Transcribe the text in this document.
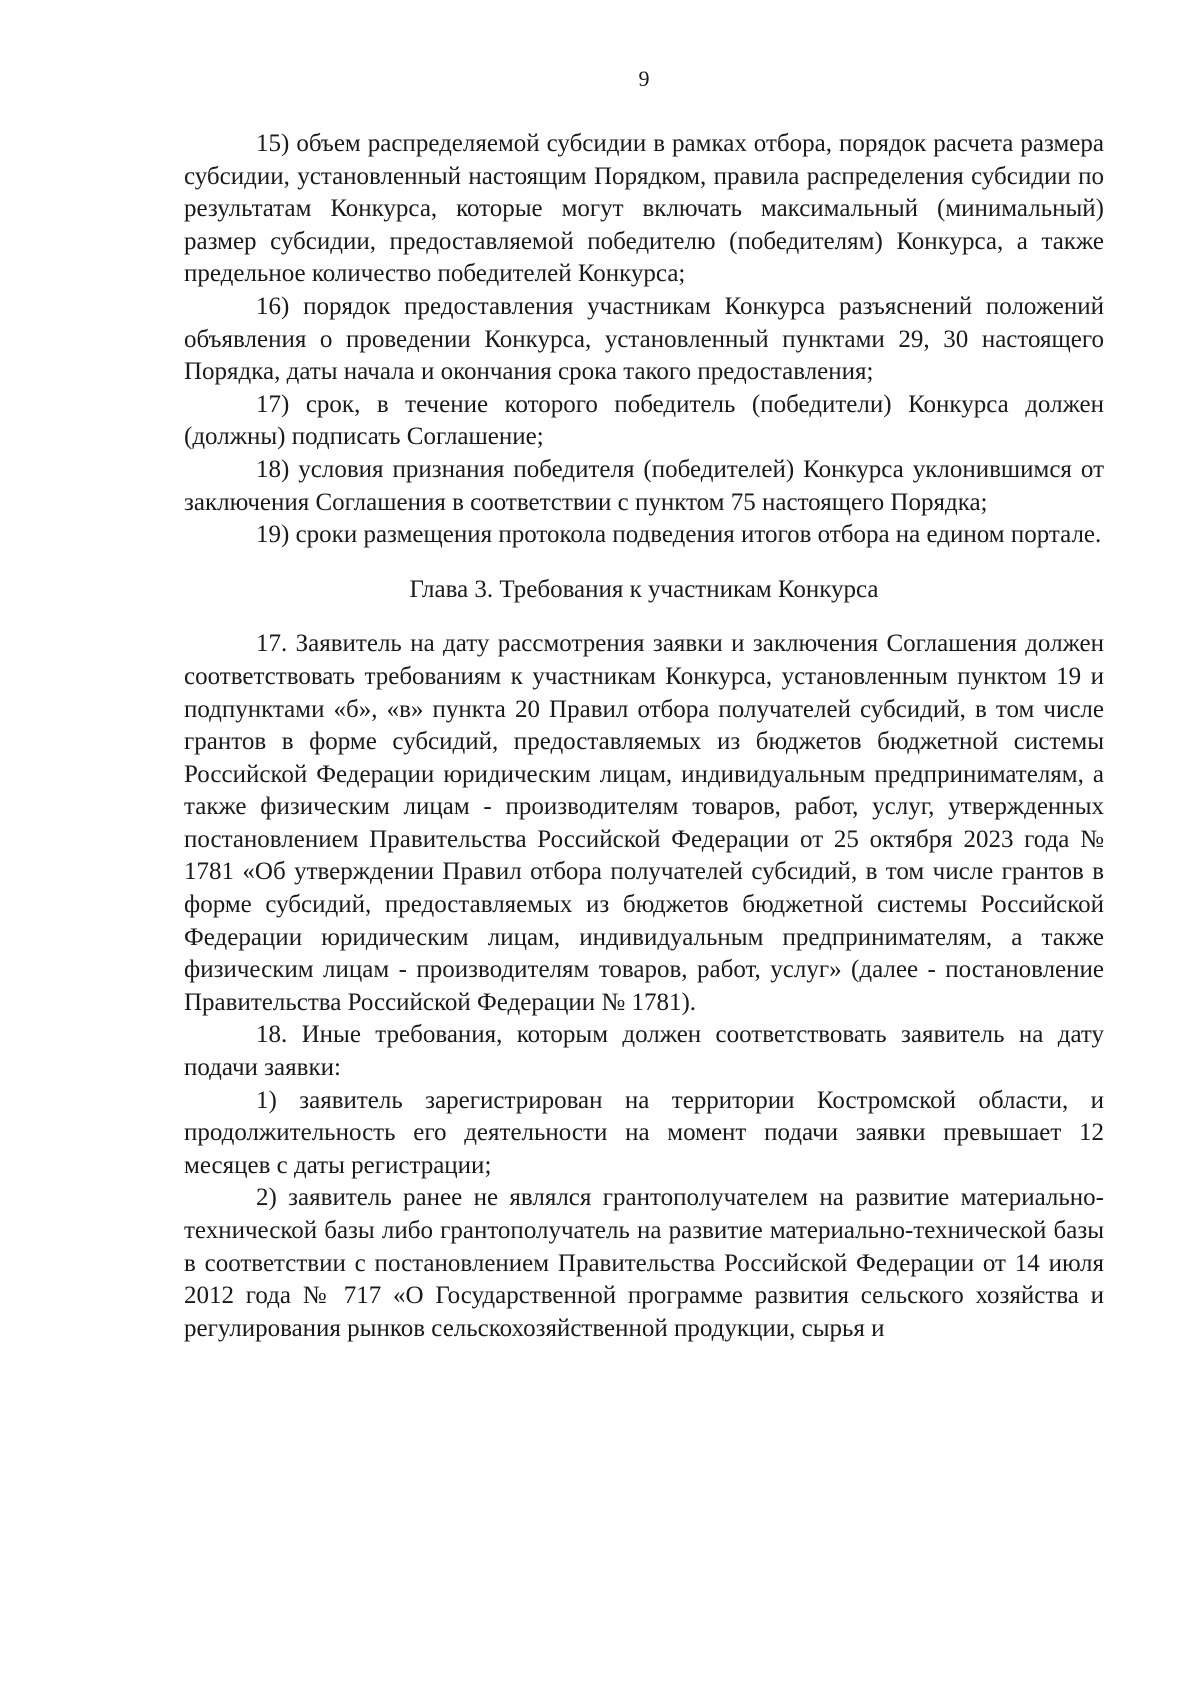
9

15) объем распределяемой субсидии в рамках отбора, порядок расчета размера субсидии, установленный настоящим Порядком, правила распределения субсидии по результатам Конкурса, которые могут включать максимальный (минимальный) размер субсидии, предоставляемой победителю (победителям) Конкурса, а также предельное количество победителей Конкурса;

16) порядок предоставления участникам Конкурса разъяснений положений объявления о проведении Конкурса, установленный пунктами 29, 30 настоящего Порядка, даты начала и окончания срока такого предоставления;

17) срок, в течение которого победитель (победители) Конкурса должен (должны) подписать Соглашение;

18) условия признания победителя (победителей) Конкурса уклонившимся от заключения Соглашения в соответствии с пунктом 75 настоящего Порядка;

19) сроки размещения протокола подведения итогов отбора на едином портале.

Глава 3. Требования к участникам Конкурса

17. Заявитель на дату рассмотрения заявки и заключения Соглашения должен соответствовать требованиям к участникам Конкурса, установленным пунктом 19 и подпунктами «б», «в» пункта 20 Правил отбора получателей субсидий, в том числе грантов в форме субсидий, предоставляемых из бюджетов бюджетной системы Российской Федерации юридическим лицам, индивидуальным предпринимателям, а также физическим лицам - производителям товаров, работ, услуг, утвержденных постановлением Правительства Российской Федерации от 25 октября 2023 года № 1781 «Об утверждении Правил отбора получателей субсидий, в том числе грантов в форме субсидий, предоставляемых из бюджетов бюджетной системы Российской Федерации юридическим лицам, индивидуальным предпринимателям, а также физическим лицам - производителям товаров, работ, услуг» (далее - постановление Правительства Российской Федерации № 1781).

18. Иные требования, которым должен соответствовать заявитель на дату подачи заявки:

1) заявитель зарегистрирован на территории Костромской области, и продолжительность его деятельности на момент подачи заявки превышает 12 месяцев с даты регистрации;

2) заявитель ранее не являлся грантополучателем на развитие материально-технической базы либо грантополучатель на развитие материально-технической базы в соответствии с постановлением Правительства Российской Федерации от 14 июля 2012 года № 717 «О Государственной программе развития сельского хозяйства и регулирования рынков сельскохозяйственной продукции, сырья и
